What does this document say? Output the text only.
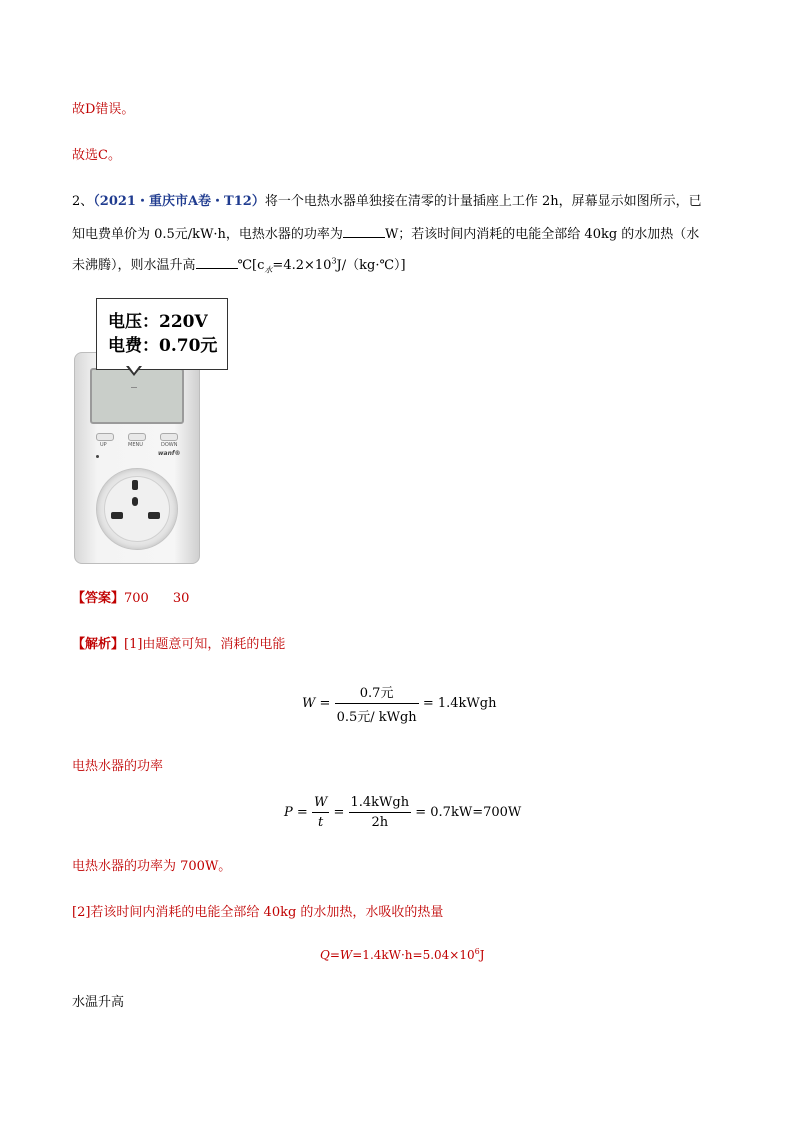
故D错误。
故选C。
2、（2021・重庆市A卷・T12）将一个电热水器单独接在清零的计量插座上工作 2h，屏幕显示如图所示，已
知电费单价为 0.5元/kW·h，电热水器的功率为	W；若该时间内消耗的电能全部给 40kg 的水加热（水
未沸腾），则水温升高	$℃[c_水=4.2\times 10^3J/(kg\cdot℃)]$
UP	MENU	DOWN
wanf®
电压：220V
电费：0.70元
【答案】700 30
【解析】[1]由题意可知，消耗的电能
$W = \frac{\text{0.7元}}{\text{0.5元/ kWgh}}$ = 1.4kWgh
电热水器的功率
$P = \frac{W}{t} = \frac{\text{1.4kWgh}}{2h} = 0.7kW=700W$
电热水器的功率为 700W。
[2]若该时间内消耗的电能全部给 40kg 的水加热，水吸收的热量
$Q=W=1.4kW\cdot h=5.04\times 10^6J$
水温升高
